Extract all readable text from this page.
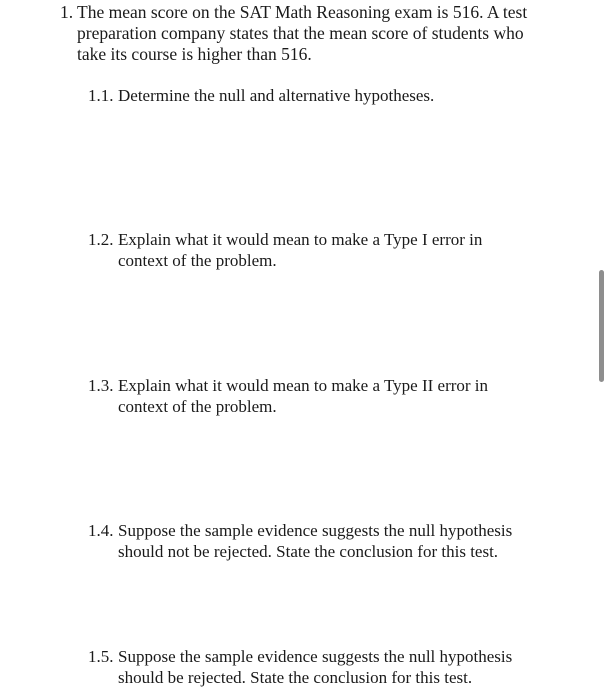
1. The mean score on the SAT Math Reasoning exam is 516. A test preparation company states that the mean score of students who take its course is higher than 516.
1.1. Determine the null and alternative hypotheses.
1.2. Explain what it would mean to make a Type I error in
context of the problem.
1.3. Explain what it would mean to make a Type II error in
context of the problem.
1.4. Suppose the sample evidence suggests the null hypothesis
should not be rejected. State the conclusion for this test.
1.5. Suppose the sample evidence suggests the null hypothesis
should be rejected. State the conclusion for this test.
